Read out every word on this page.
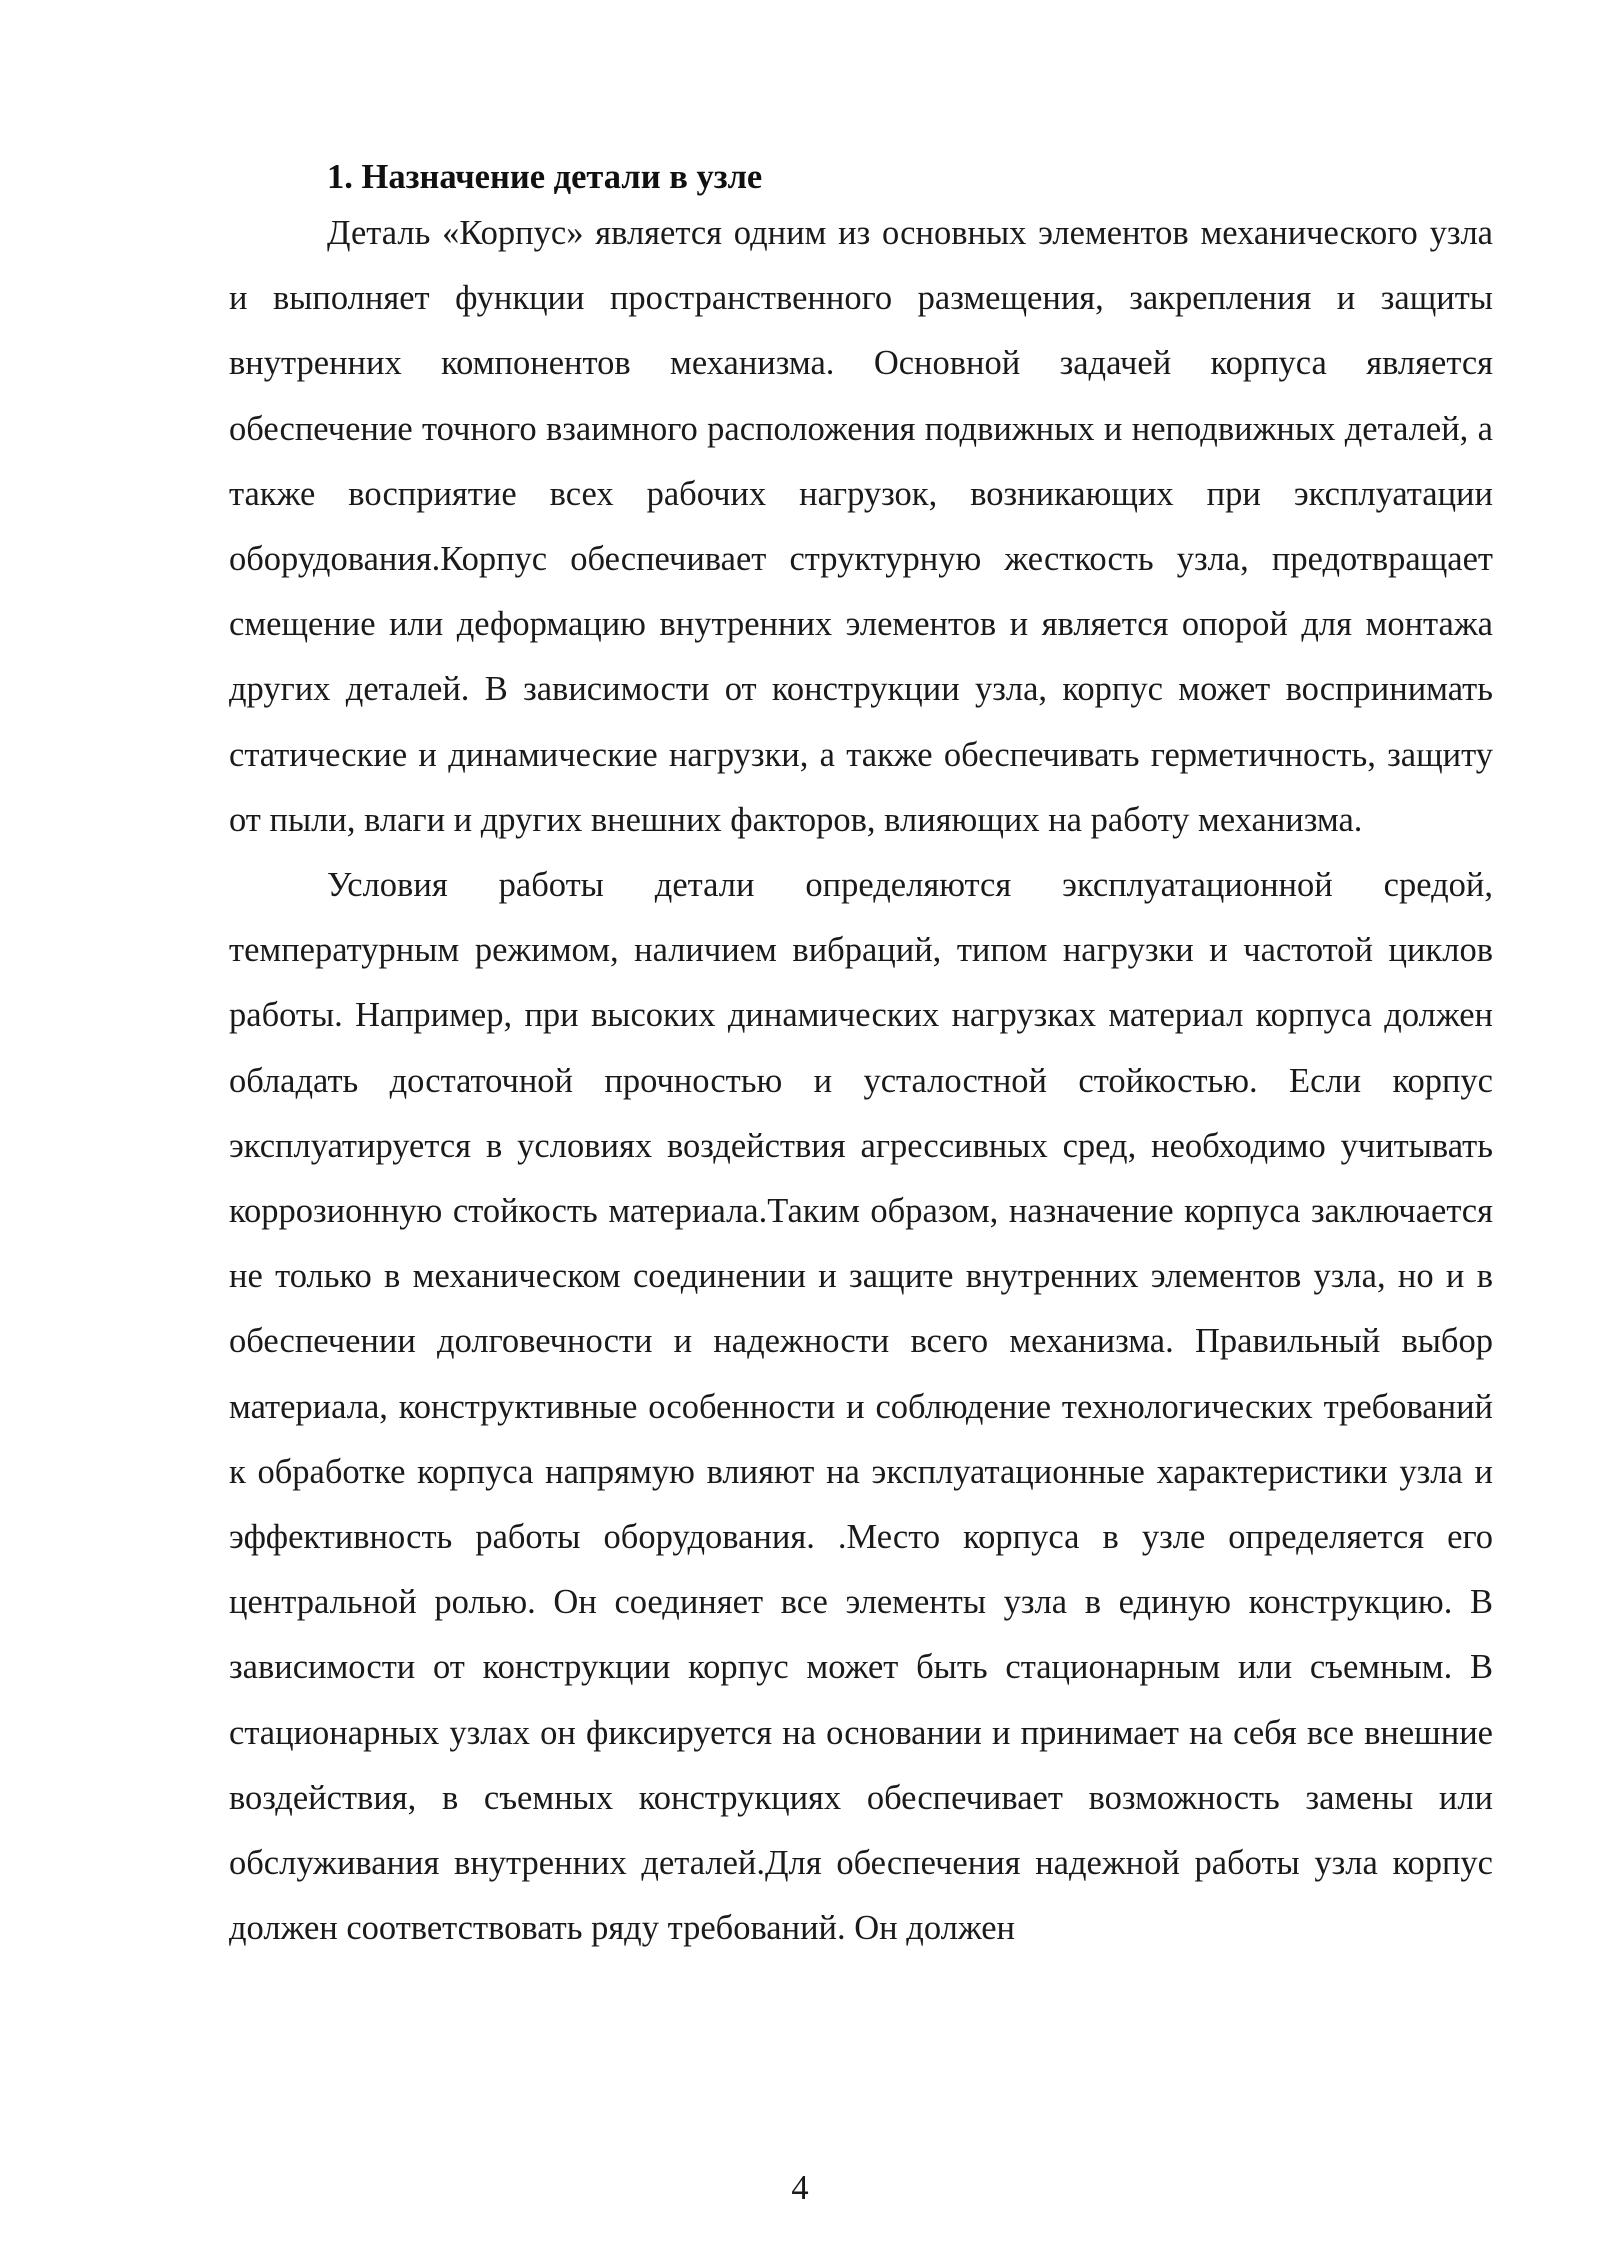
1. Назначение детали в узле

Деталь «Корпус» является одним из основных элементов механического узла и выполняет функции пространственного размещения, закрепления и защиты внутренних компонентов механизма. Основной задачей корпуса является обеспечение точного взаимного расположения подвижных и неподвижных деталей, а также восприятие всех рабочих нагрузок, возникающих при эксплуатации оборудования.Корпус обеспечивает структурную жесткость узла, предотвращает смещение или деформацию внутренних элементов и является опорой для монтажа других деталей. В зависимости от конструкции узла, корпус может воспринимать статические и динамические нагрузки, а также обеспечивать герметичность, защиту от пыли, влаги и других внешних факторов, влияющих на работу механизма.

Условия работы детали определяются эксплуатационной средой, температурным режимом, наличием вибраций, типом нагрузки и частотой циклов работы. Например, при высоких динамических нагрузках материал корпуса должен обладать достаточной прочностью и усталостной стойкостью. Если корпус эксплуатируется в условиях воздействия агрессивных сред, необходимо учитывать коррозионную стойкость материала.Таким образом, назначение корпуса заключается не только в механическом соединении и защите внутренних элементов узла, но и в обеспечении долговечности и надежности всего механизма. Правильный выбор материала, конструктивные особенности и соблюдение технологических требований к обработке корпуса напрямую влияют на эксплуатационные характеристики узла и эффективность работы оборудования. .Место корпуса в узле определяется его центральной ролью. Он соединяет все элементы узла в единую конструкцию. В зависимости от конструкции корпус может быть стационарным или съемным. В стационарных узлах он фиксируется на основании и принимает на себя все внешние воздействия, в съемных конструкциях обеспечивает возможность замены или обслуживания внутренних деталей.Для обеспечения надежной работы узла корпус должен соответствовать ряду требований. Он должен

4
